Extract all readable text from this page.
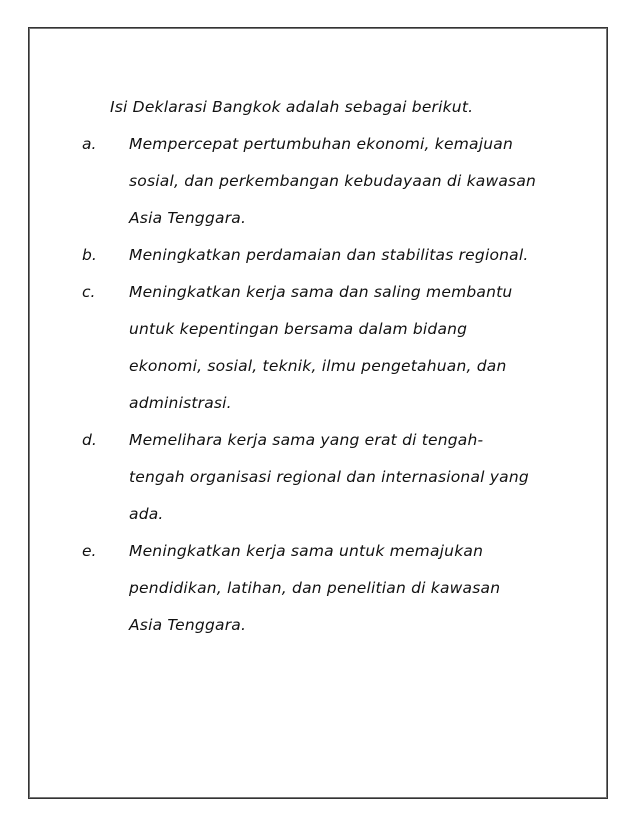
Isi Deklarasi Bangkok adalah sebagai berikut.

a. Mempercepat pertumbuhan ekonomi, kemajuan
sosial, dan perkembangan kebudayaan di kawasan
Asia Tenggara.
b. Meningkatkan perdamaian dan stabilitas regional.
c. Meningkatkan kerja sama dan saling membantu
untuk kepentingan bersama dalam bidang
ekonomi, sosial, teknik, ilmu pengetahuan, dan
administrasi.
d. Memelihara kerja sama yang erat di tengah-
tengah organisasi regional dan internasional yang
ada.
e. Meningkatkan kerja sama untuk memajukan
pendidikan, latihan, dan penelitian di kawasan
Asia Tenggara.
